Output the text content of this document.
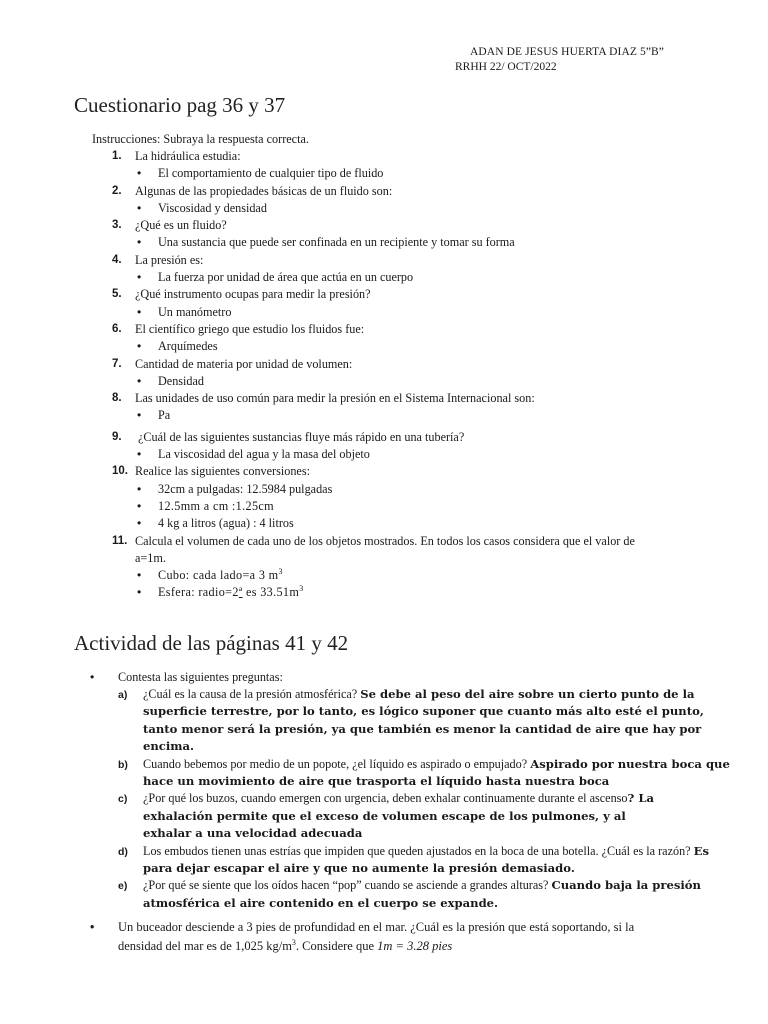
ADAN DE JESUS HUERTA DIAZ 5”B”
RRHH 22/ OCT/2022
Cuestionario pag 36 y 37
Instrucciones: Subraya la respuesta correcta.
1. La hidráulica estudia:
• El comportamiento de cualquier tipo de fluido
2. Algunas de las propiedades básicas de un fluido son:
• Viscosidad y densidad
3. ¿Qué es un fluido?
• Una sustancia que puede ser confinada en un recipiente y tomar su forma
4. La presión es:
• La fuerza por unidad de área que actúa en un cuerpo
5. ¿Qué instrumento ocupas para medir la presión?
• Un manómetro
6. El científico griego que estudio los fluidos fue:
• Arquímedes
7. Cantidad de materia por unidad de volumen:
• Densidad
8. Las unidades de uso común para medir la presión en el Sistema Internacional son:
• Pa
9. ¿Cuál de las siguientes sustancias fluye más rápido en una tubería?
• La viscosidad del agua y la masa del objeto
10. Realice las siguientes conversiones:
• 32cm a pulgadas: 12.5984 pulgadas
• 12.5mm a cm :1.25cm
• 4 kg a litros (agua) : 4 litros
11. Calcula el volumen de cada uno de los objetos mostrados. En todos los casos considera que el valor de a=1m.
• Cubo: cada lado=a 3 $m^3$
• Esfera: radio=2ª es $33.51m^3$
Actividad de las páginas 41 y 42
• Contesta las siguientes preguntas:
a) ¿Cuál es la causa de la presión atmosférica? Se debe al peso del aire sobre un cierto punto de la superficie terrestre, por lo tanto, es lógico suponer que cuanto más alto esté el punto, tanto menor será la presión, ya que también es menor la cantidad de aire que hay por encima.
b) Cuando bebemos por medio de un popote, ¿el líquido es aspirado o empujado? Aspirado por nuestra boca que hace un movimiento de aire que trasporta el líquido hasta nuestra boca
c) ¿Por qué los buzos, cuando emergen con urgencia, deben exhalar continuamente durante el ascenso? La exhalación permite que el exceso de volumen escape de los pulmones, y al exhalar a una velocidad adecuada
d) Los embudos tienen unas estrías que impiden que queden ajustados en la boca de una botella. ¿Cuál es la razón? Es para dejar escapar el aire y que no aumente la presión demasiado.
e) ¿Por qué se siente que los oídos hacen “pop” cuando se asciende a grandes alturas? Cuando baja la presión atmosférica el aire contenido en el cuerpo se expande.
• Un buceador desciende a 3 pies de profundidad en el mar. ¿Cuál es la presión que está soportando, si la densidad del mar es de 1,025 $kg/m^3$. Considere que 1m = 3.28 pies
